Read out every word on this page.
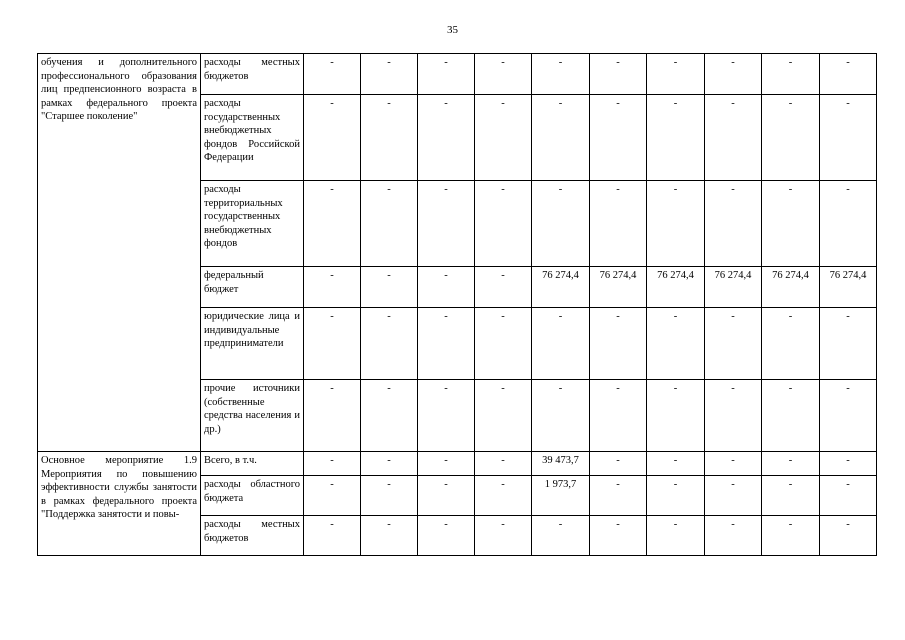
35
обучения и дополнительного профессионального образования лиц предпенсионного возраста в рамках федерального проекта "Старшее поколение"	расходы местных бюджетов	-	-	-	-	-	-	-	-	-	-
	расходы государственных внебюджетных фондов Российской Федерации	-	-	-	-	-	-	-	-	-	-
	расходы территориальных государственных внебюджетных фондов	-	-	-	-	-	-	-	-	-	-
	федеральный бюджет	-	-	-	-	76 274,4	76 274,4	76 274,4	76 274,4	76 274,4	76 274,4
	юридические лица и индивидуальные предприниматели	-	-	-	-	-	-	-	-	-	-
	прочие источники (собственные средства населения и др.)	-	-	-	-	-	-	-	-	-	-
Основное мероприятие 1.9 Мероприятия по повышению эффективности службы занятости в рамках федерального проекта "Поддержка занятости и повы-	Всего, в т.ч.	-	-	-	-	39 473,7	-	-	-	-	-
	расходы областного бюджета	-	-	-	-	1 973,7	-	-	-	-	-
	расходы местных бюджетов	-	-	-	-	-	-	-	-	-	-
